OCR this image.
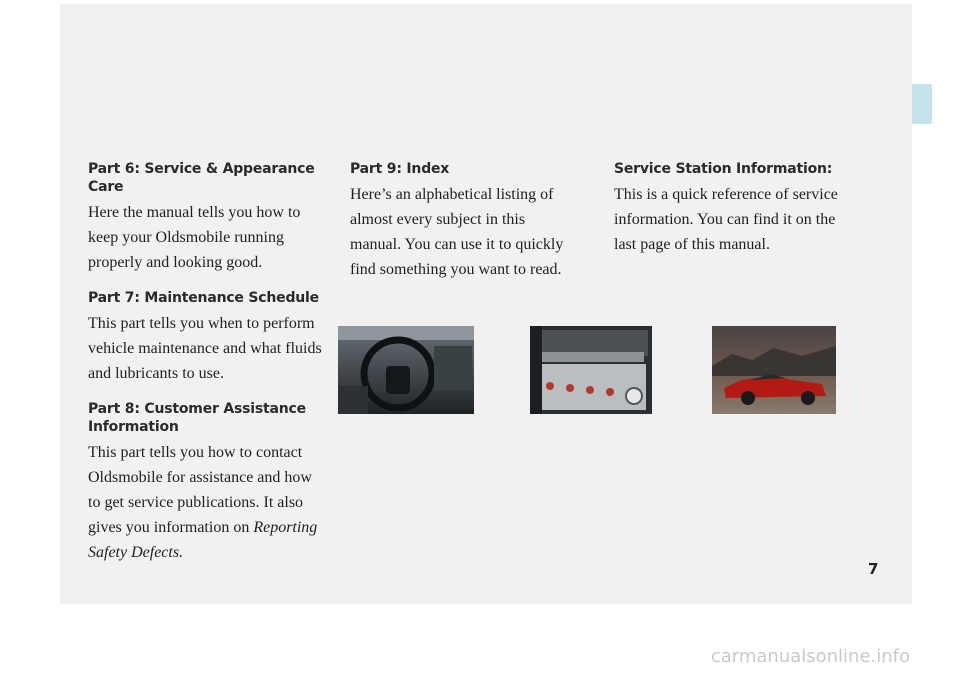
Part 6: Service & Appearance Care

Here the manual tells you how to keep your Oldsmobile running properly and looking good.

Part 7: Maintenance Schedule

This part tells you when to perform vehicle maintenance and what fluids and lubricants to use.

Part 8: Customer Assistance Information

This part tells you how to contact Oldsmobile for assistance and how to get service publications. It also gives you information on Reporting Safety Defects.

Part 9: Index

Here’s an alphabetical listing of almost every subject in this manual. You can use it to quickly find something you want to read.

Service Station Information:

This is a quick reference of service information. You can find it on the last page of this manual.

7
carmanualsonline.info
